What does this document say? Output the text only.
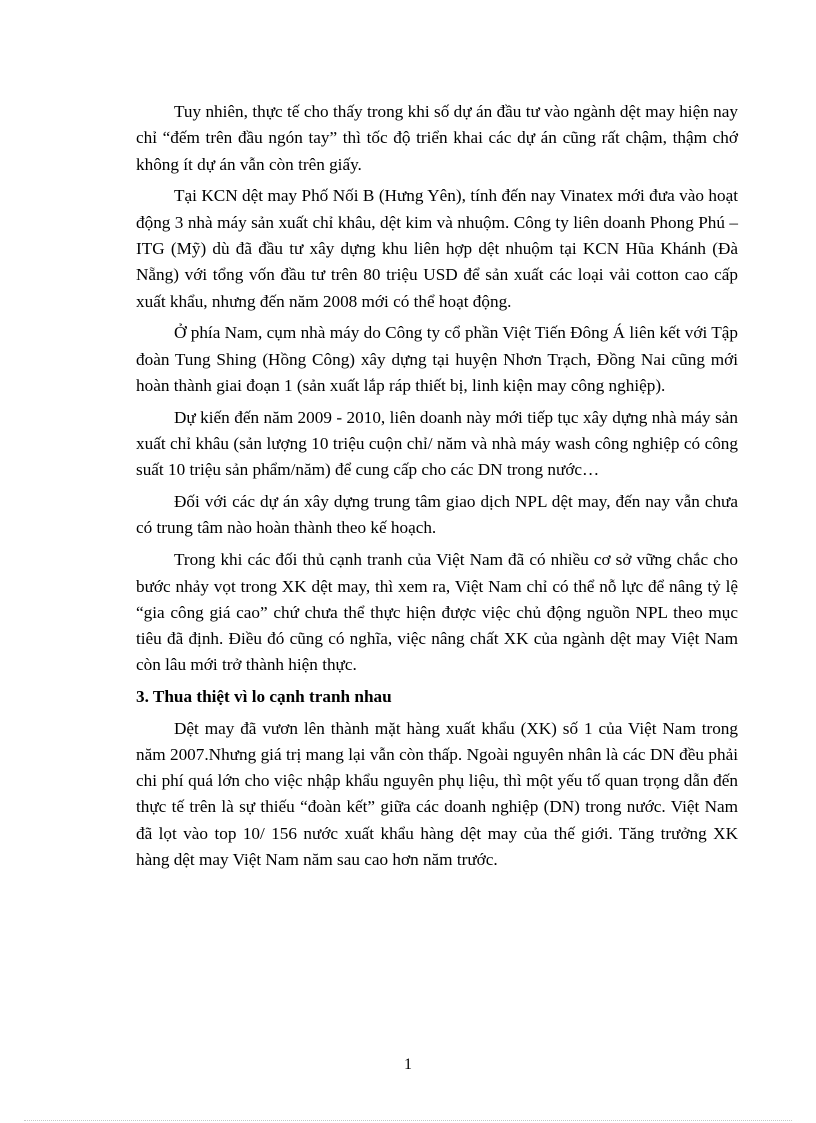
Tuy nhiên, thực tế cho thấy trong khi số dự án đầu tư vào ngành dệt may hiện nay chỉ “đếm trên đầu ngón tay” thì tốc độ triển khai các dự án cũng rất chậm, thậm chớ không ít dự án vẫn còn trên giấy.

Tại KCN dệt may Phố Nối B (Hưng Yên), tính đến nay Vinatex mới đưa vào hoạt động 3 nhà máy sản xuất chỉ khâu, dệt kim và nhuộm. Công ty liên doanh Phong Phú – ITG (Mỹ) dù đã đầu tư xây dựng khu liên hợp dệt nhuộm tại KCN Hũa Khánh (Đà Nẵng) với tổng vốn đầu tư trên 80 triệu USD để sản xuất các loại vải cotton cao cấp xuất khẩu, nhưng đến năm 2008 mới có thể hoạt động.

Ở phía Nam, cụm nhà máy do Công ty cổ phần Việt Tiến Đông Á liên kết với Tập đoàn Tung Shing (Hồng Công) xây dựng tại huyện Nhơn Trạch, Đồng Nai cũng mới hoàn thành giai đoạn 1 (sản xuất lắp ráp thiết bị, linh kiện may công nghiệp).

Dự kiến đến năm 2009 - 2010, liên doanh này mới tiếp tục xây dựng nhà máy sản xuất chỉ khâu (sản lượng 10 triệu cuộn chỉ/ năm và nhà máy wash công nghiệp có công suất 10 triệu sản phẩm/năm) để cung cấp cho các DN trong nước…

Đối với các dự án xây dựng trung tâm giao dịch NPL dệt may, đến nay vẫn chưa có trung tâm nào hoàn thành theo kế hoạch.

Trong khi các đối thủ cạnh tranh của Việt Nam đã có nhiều cơ sở vững chắc cho bước nhảy vọt trong XK dệt may, thì xem ra, Việt Nam chỉ có thể nỗ lực để nâng tỷ lệ “gia công giá cao” chứ chưa thể thực hiện được việc chủ động nguồn NPL theo mục tiêu đã định. Điều đó cũng có nghĩa, việc nâng chất XK của ngành dệt may Việt Nam còn lâu mới trở thành hiện thực.

3. Thua thiệt vì lo cạnh tranh nhau

Dệt may đã vươn lên thành mặt hàng xuất khẩu (XK) số 1 của Việt Nam trong năm 2007.Nhưng giá trị mang lại vẫn còn thấp. Ngoài nguyên nhân là các DN đều phải chi phí quá lớn cho việc nhập khẩu nguyên phụ liệu, thì một yếu tố quan trọng dẫn đến thực tế trên là sự thiếu “đoàn kết” giữa các doanh nghiệp (DN) trong nước. Việt Nam đã lọt vào top 10/ 156 nước xuất khẩu hàng dệt may của thế giới. Tăng trưởng XK hàng dệt may Việt Nam năm sau cao hơn năm trước.

1
